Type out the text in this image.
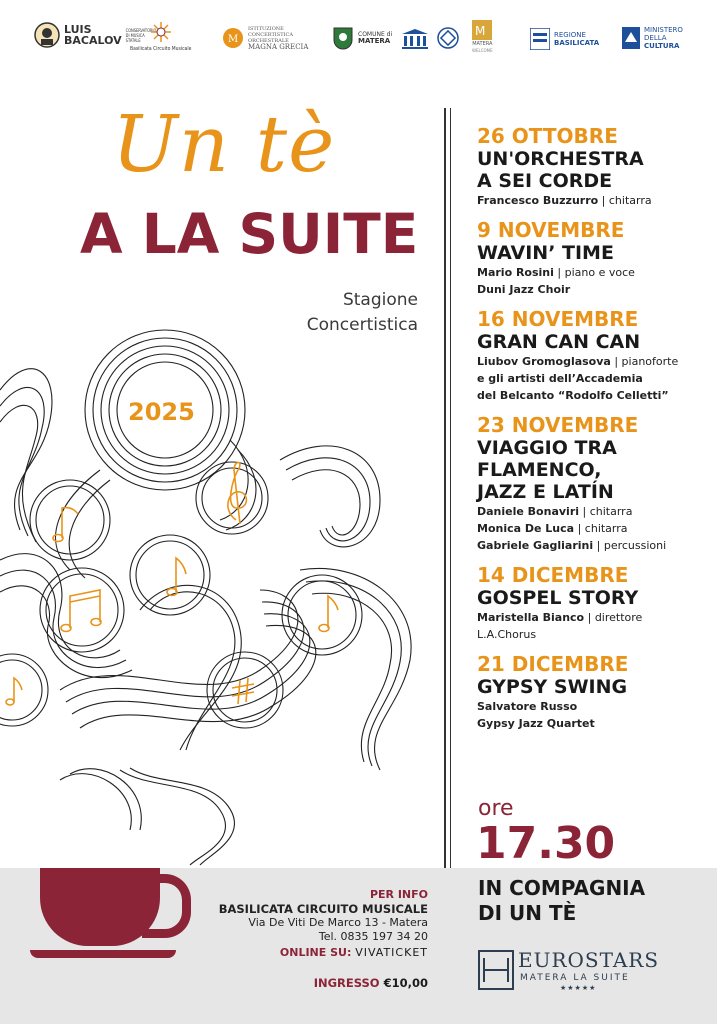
LUIS
BACALOV
CONSERVATORIO DI MUSICA STATALE
Basilicata Circuito Musicale
M
ISTITUZIONE
CONCERTISTICA
ORCHESTRALE
MAGNA GRECIA
COMUNE di
MATERA
M
MATERA
WELCOME
REGIONE
BASILICATA
MINISTERO
DELLA
CULTURA
Un tè
A LA SUITE
Stagione
Concertistica
2025
26 OTTOBRE
UN'ORCHESTRA
A SEI CORDE
Francesco Buzzurro | chitarra
9 NOVEMBRE
WAVIN’ TIME
Mario Rosini | piano e voce
Duni Jazz Choir
16 NOVEMBRE
GRAN CAN CAN
Liubov Gromoglasova | pianoforte
e gli artisti dell’Accademia
del Belcanto “Rodolfo Celletti”
23 NOVEMBRE
VIAGGIO TRA
FLAMENCO,
JAZZ E LATÍN
Daniele Bonaviri | chitarra
Monica De Luca | chitarra
Gabriele Gagliarini | percussioni
14 DICEMBRE
GOSPEL STORY
Maristella Bianco | direttore
L.A.Chorus
21 DICEMBRE
GYPSY SWING
Salvatore Russo
Gypsy Jazz Quartet
PER INFO
BASILICATA CIRCUITO MUSICALE
Via De Viti De Marco 13 - Matera
Tel. 0835 197 34 20
ONLINE SU: VIVATICKET
INGRESSO €10,00
ore
17.30
IN COMPAGNIA
DI UN TÈ
EUROSTARS
MATERA LA SUITE
★★★★★
